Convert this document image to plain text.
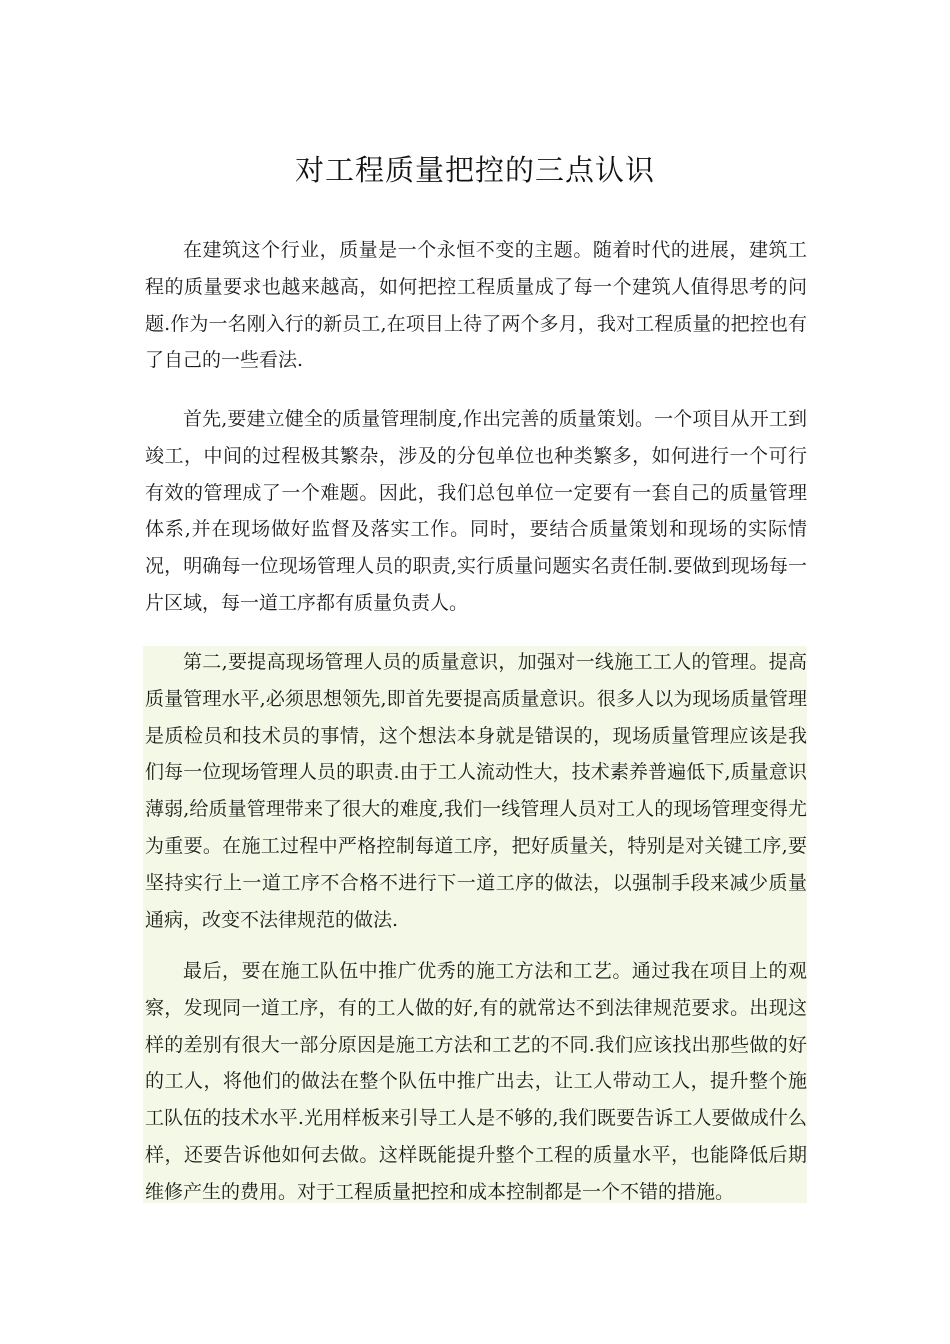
对工程质量把控的三点认识

在建筑这个行业，质量是一个永恒不变的主题。随着时代的进展，建筑工程的质量要求也越来越高，如何把控工程质量成了每一个建筑人值得思考的问题.作为一名刚入行的新员工,在项目上待了两个多月，我对工程质量的把控也有了自己的一些看法.

首先,要建立健全的质量管理制度,作出完善的质量策划。一个项目从开工到竣工，中间的过程极其繁杂，涉及的分包单位也种类繁多，如何进行一个可行有效的管理成了一个难题。因此，我们总包单位一定要有一套自己的质量管理体系,并在现场做好监督及落实工作。同时，要结合质量策划和现场的实际情况，明确每一位现场管理人员的职责,实行质量问题实名责任制.要做到现场每一片区域，每一道工序都有质量负责人。

第二,要提高现场管理人员的质量意识，加强对一线施工工人的管理。提高质量管理水平,必须思想领先,即首先要提高质量意识。很多人以为现场质量管理是质检员和技术员的事情，这个想法本身就是错误的，现场质量管理应该是我们每一位现场管理人员的职责.由于工人流动性大，技术素养普遍低下,质量意识薄弱,给质量管理带来了很大的难度,我们一线管理人员对工人的现场管理变得尤为重要。在施工过程中严格控制每道工序，把好质量关，特别是对关键工序,要坚持实行上一道工序不合格不进行下一道工序的做法，以强制手段来减少质量通病，改变不法律规范的做法.

最后，要在施工队伍中推广优秀的施工方法和工艺。通过我在项目上的观察，发现同一道工序，有的工人做的好,有的就常达不到法律规范要求。出现这样的差别有很大一部分原因是施工方法和工艺的不同.我们应该找出那些做的好的工人，将他们的做法在整个队伍中推广出去，让工人带动工人，提升整个施工队伍的技术水平.光用样板来引导工人是不够的,我们既要告诉工人要做成什么样，还要告诉他如何去做。这样既能提升整个工程的质量水平，也能降低后期维修产生的费用。对于工程质量把控和成本控制都是一个不错的措施。
